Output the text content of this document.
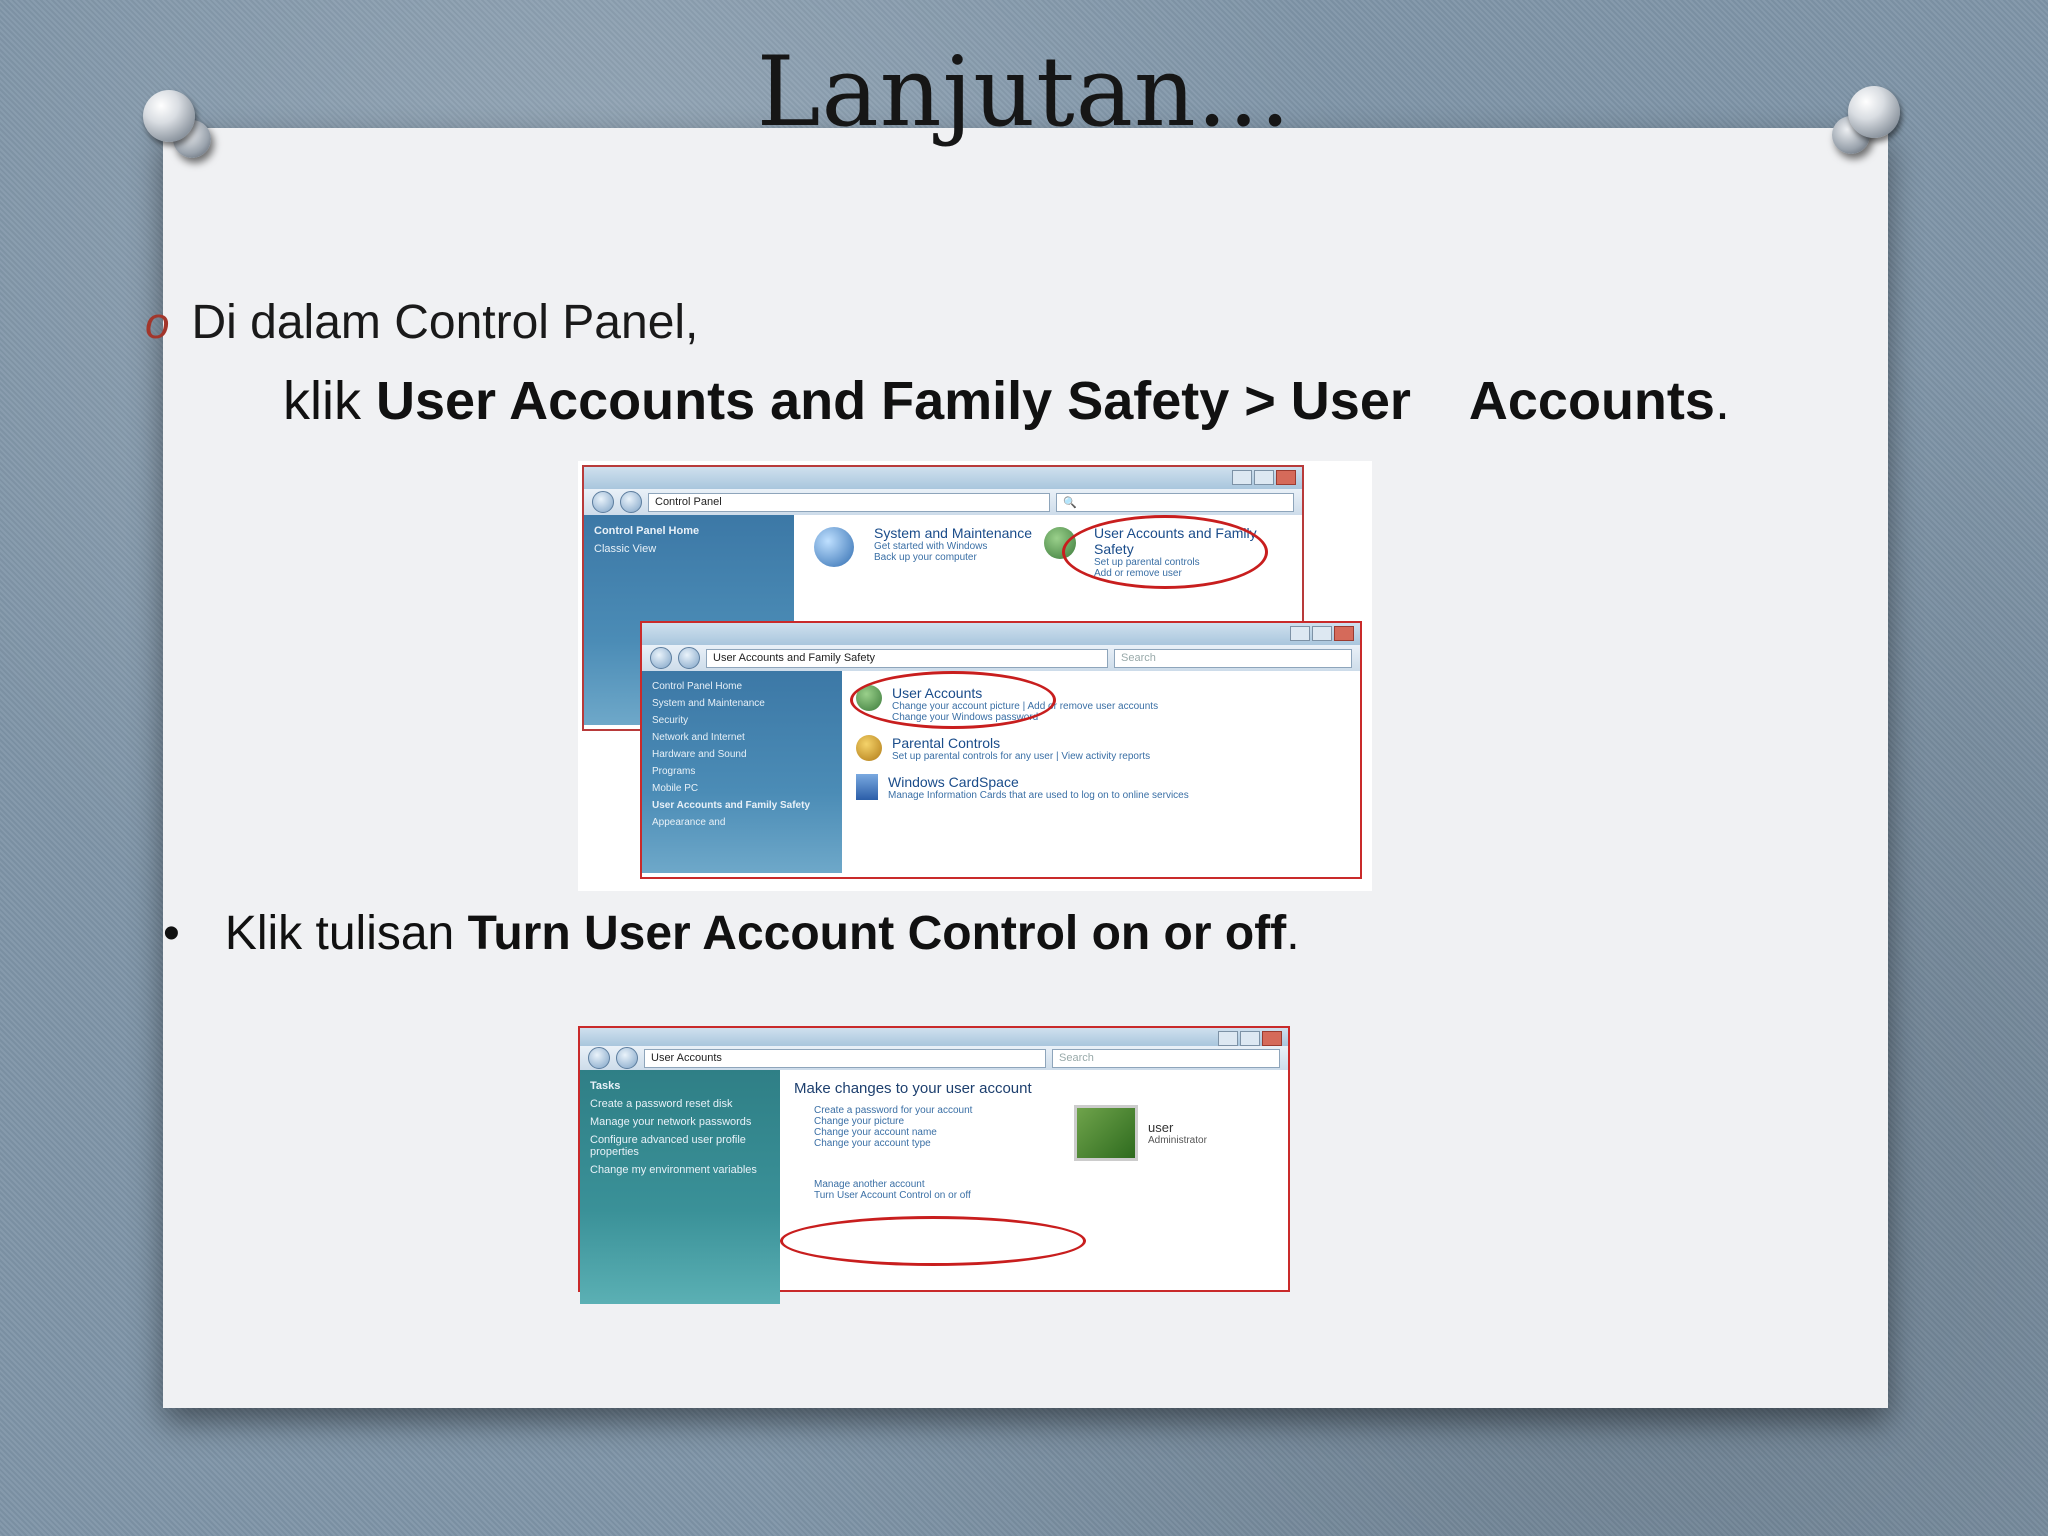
Lanjutan...
o Di dalam Control Panel,
klik User Accounts and Family Safety > User    Accounts.
Control Panel	🔍
Control Panel Home
Classic View
System and Maintenance
Get started with Windows
Back up your computer
User Accounts and Family Safety
Set up parental controls
Add or remove user
User Accounts and Family Safety	Search
Control Panel Home
System and Maintenance
Security
Network and Internet
Hardware and Sound
Programs
Mobile PC
User Accounts and Family Safety
Appearance and
User Accounts
Change your account picture | Add or remove user accounts
Change your Windows password
Parental Controls
Set up parental controls for any user | View activity reports
Windows CardSpace
Manage Information Cards that are used to log on to online services
• Klik tulisan Turn User Account Control on or off.
User Accounts	Search
Tasks
Create a password reset disk
Manage your network passwords
Configure advanced user profile properties
Change my environment variables
Make changes to your user account
Create a password for your account
Change your picture
Change your account name
Change your account type
user
Administrator
Manage another account
Turn User Account Control on or off
